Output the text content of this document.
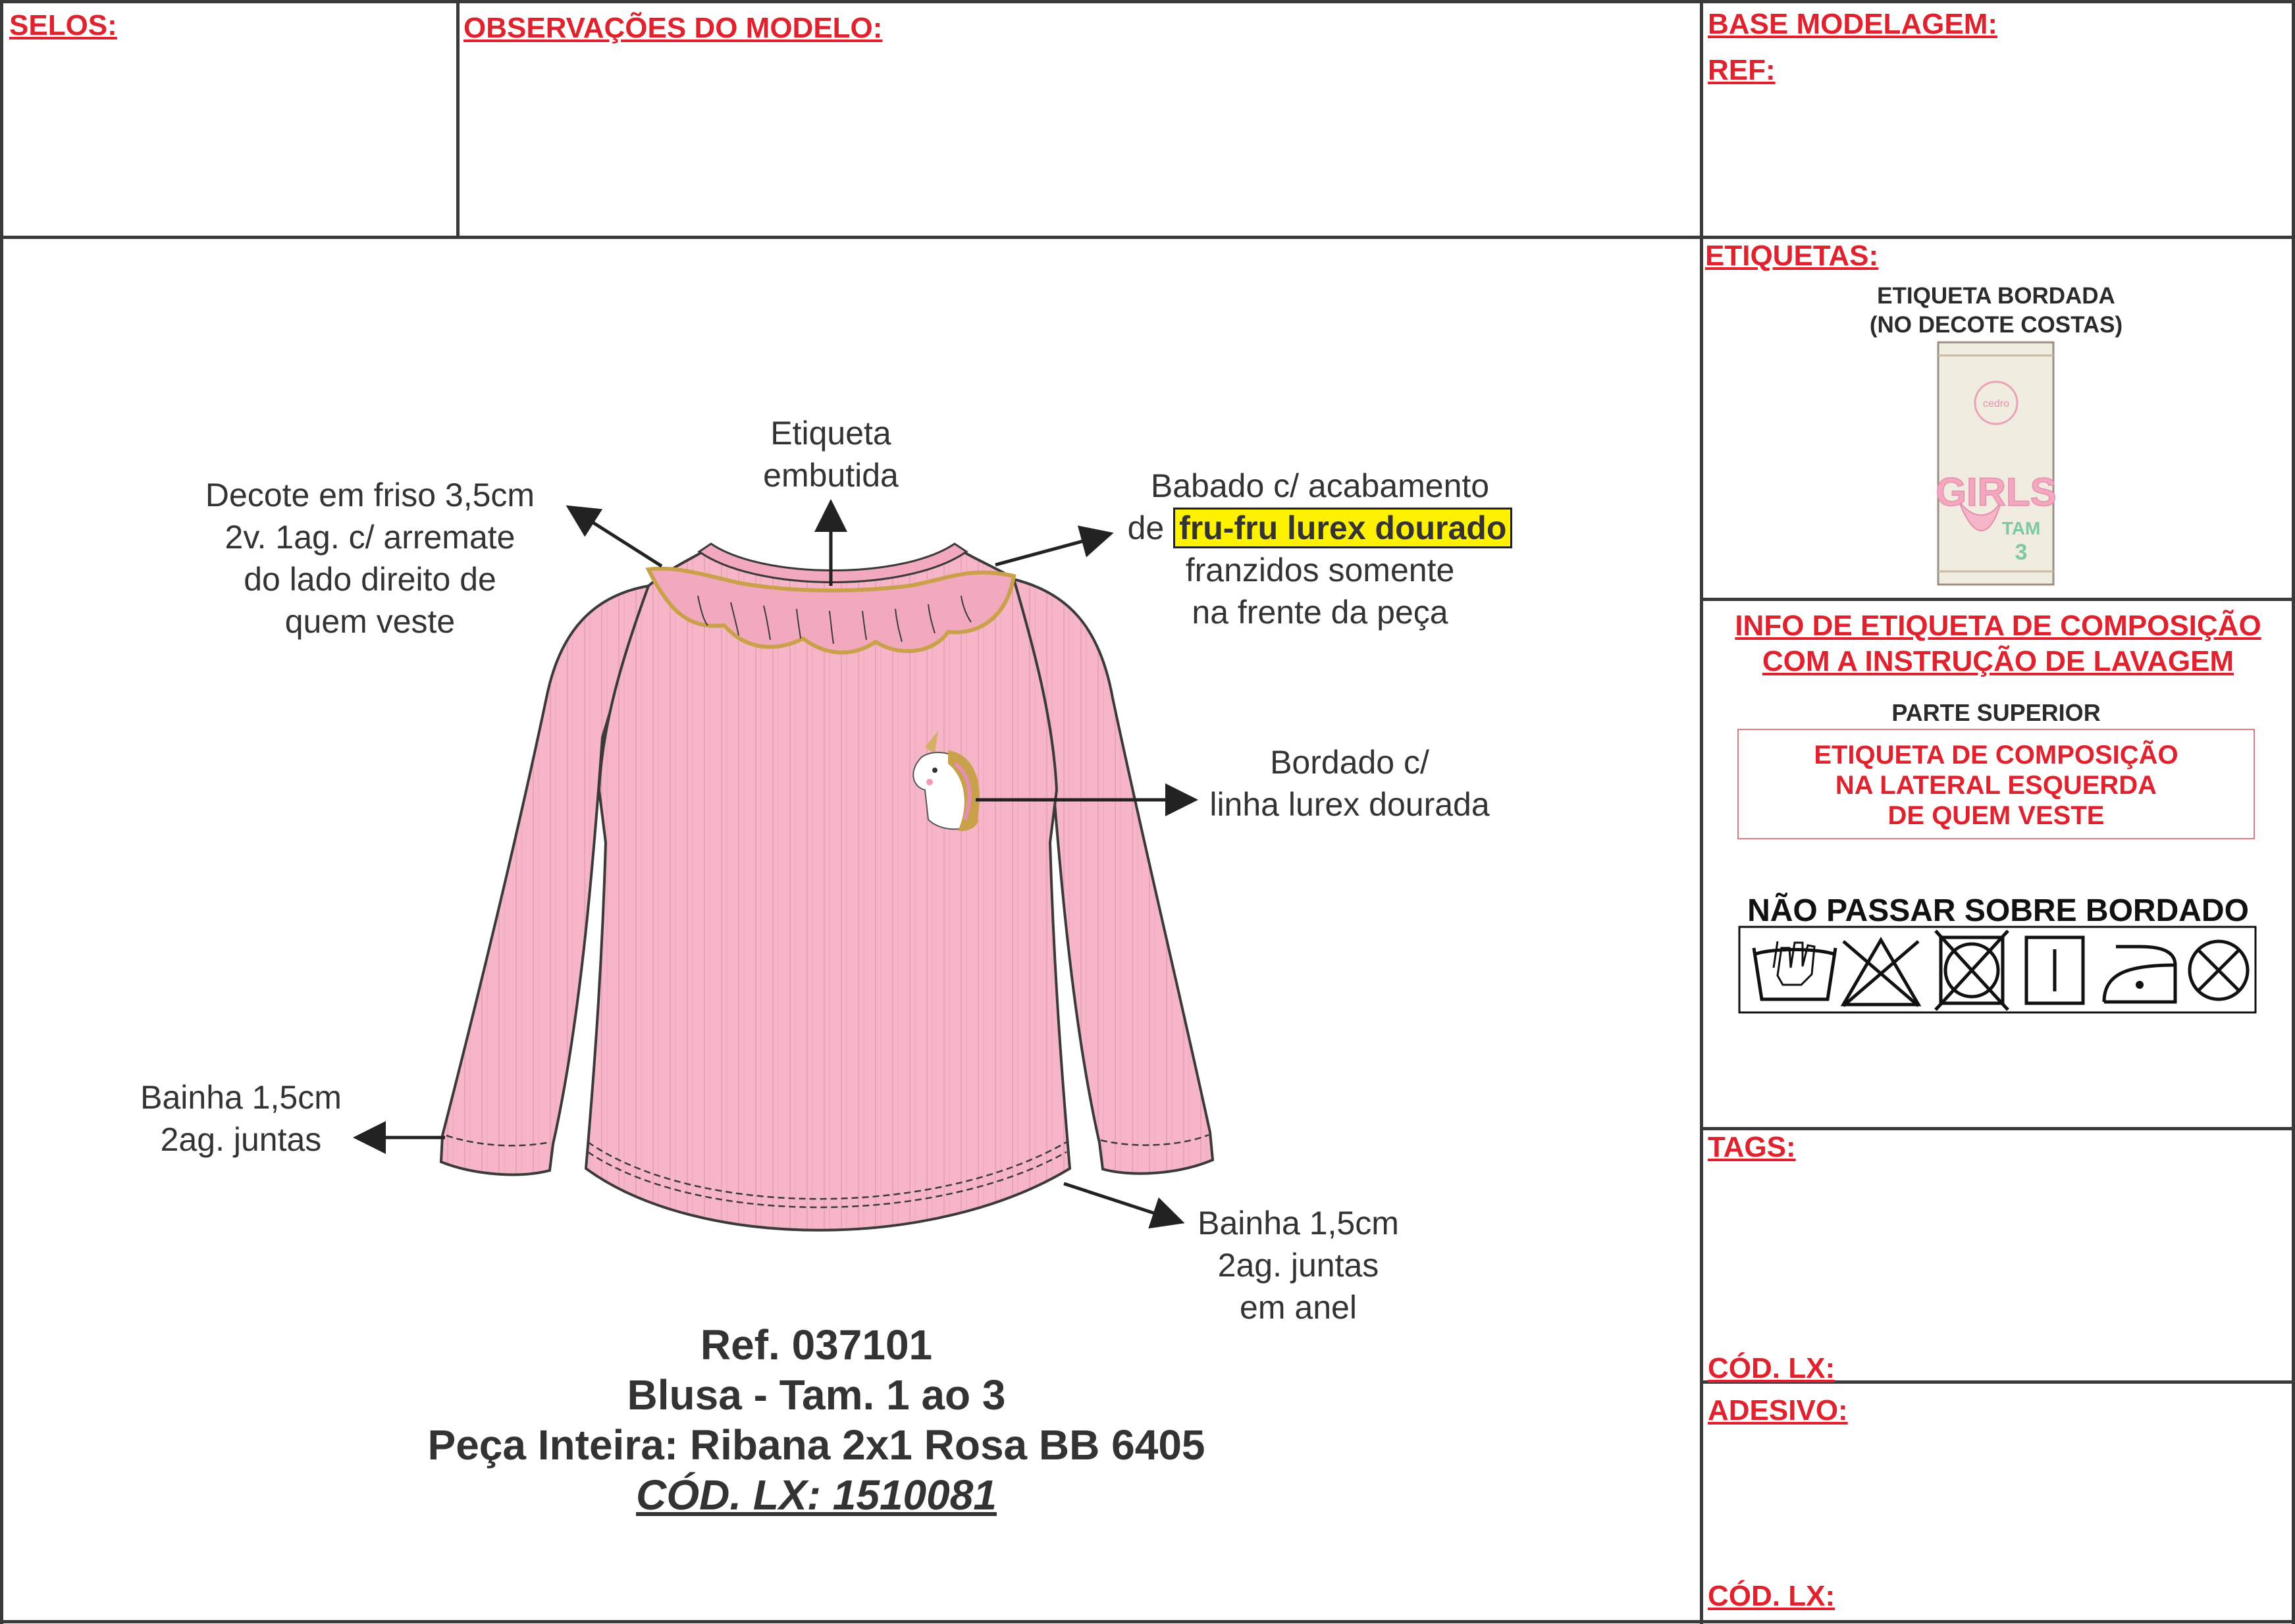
SELOS:	OBSERVAÇÕES DO MODELO:	BASE MODELAGEM:
REF:
cedro
GIRLS
TAM
3
Decote em friso 3,5cm
2v. 1ag. c/ arremate
do lado direito de
quem veste
Etiqueta
embutida	Babado c/ acabamento
de fru-fru lurex dourado
franzidos somente
na frente da peça
Bordado c/
linha lurex dourada
Bainha 1,5cm
2ag. juntas
Bainha 1,5cm
2ag. juntas
em anel
Ref. 037101
Blusa - Tam. 1 ao 3
Peça Inteira: Ribana 2x1 Rosa BB 6405
CÓD. LX: 1510081
ETIQUETAS:
ETIQUETA BORDADA
(NO DECOTE COSTAS)
INFO DE ETIQUETA DE COMPOSIÇÃO
COM A INSTRUÇÃO DE LAVAGEM
PARTE SUPERIOR
ETIQUETA DE COMPOSIÇÃO
NA LATERAL ESQUERDA
DE QUEM VESTE
NÃO PASSAR SOBRE BORDADO
TAGS:
CÓD. LX:
ADESIVO:
CÓD. LX:
